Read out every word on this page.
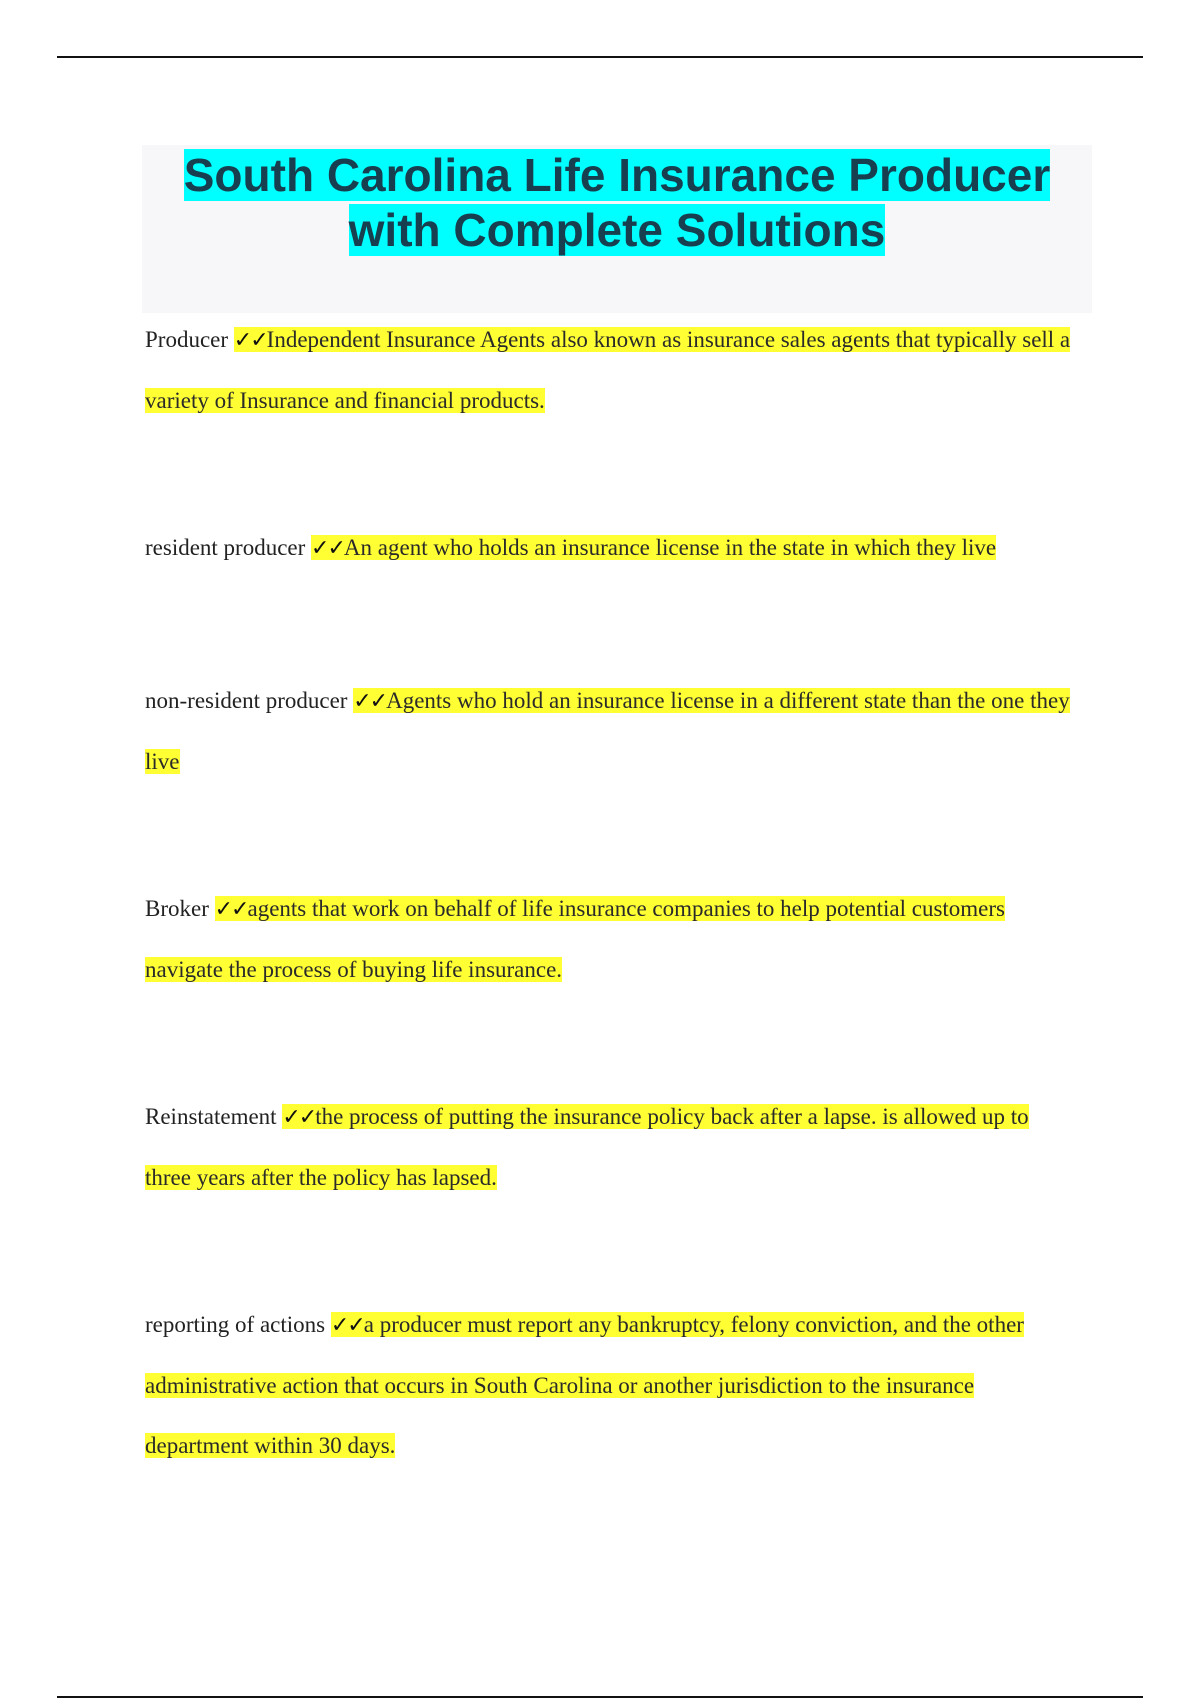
South Carolina Life Insurance Producer
with Complete Solutions

Producer ✓✓Independent Insurance Agents also known as insurance sales agents that typically sell a variety of Insurance and financial products.

resident producer ✓✓An agent who holds an insurance license in the state in which they live

non-resident producer ✓✓Agents who hold an insurance license in a different state than the one they live

Broker ✓✓agents that work on behalf of life insurance companies to help potential customers navigate the process of buying life insurance.

Reinstatement ✓✓the process of putting the insurance policy back after a lapse. is allowed up to three years after the policy has lapsed.

reporting of actions ✓✓a producer must report any bankruptcy, felony conviction, and the other administrative action that occurs in South Carolina or another jurisdiction to the insurance department within 30 days.
